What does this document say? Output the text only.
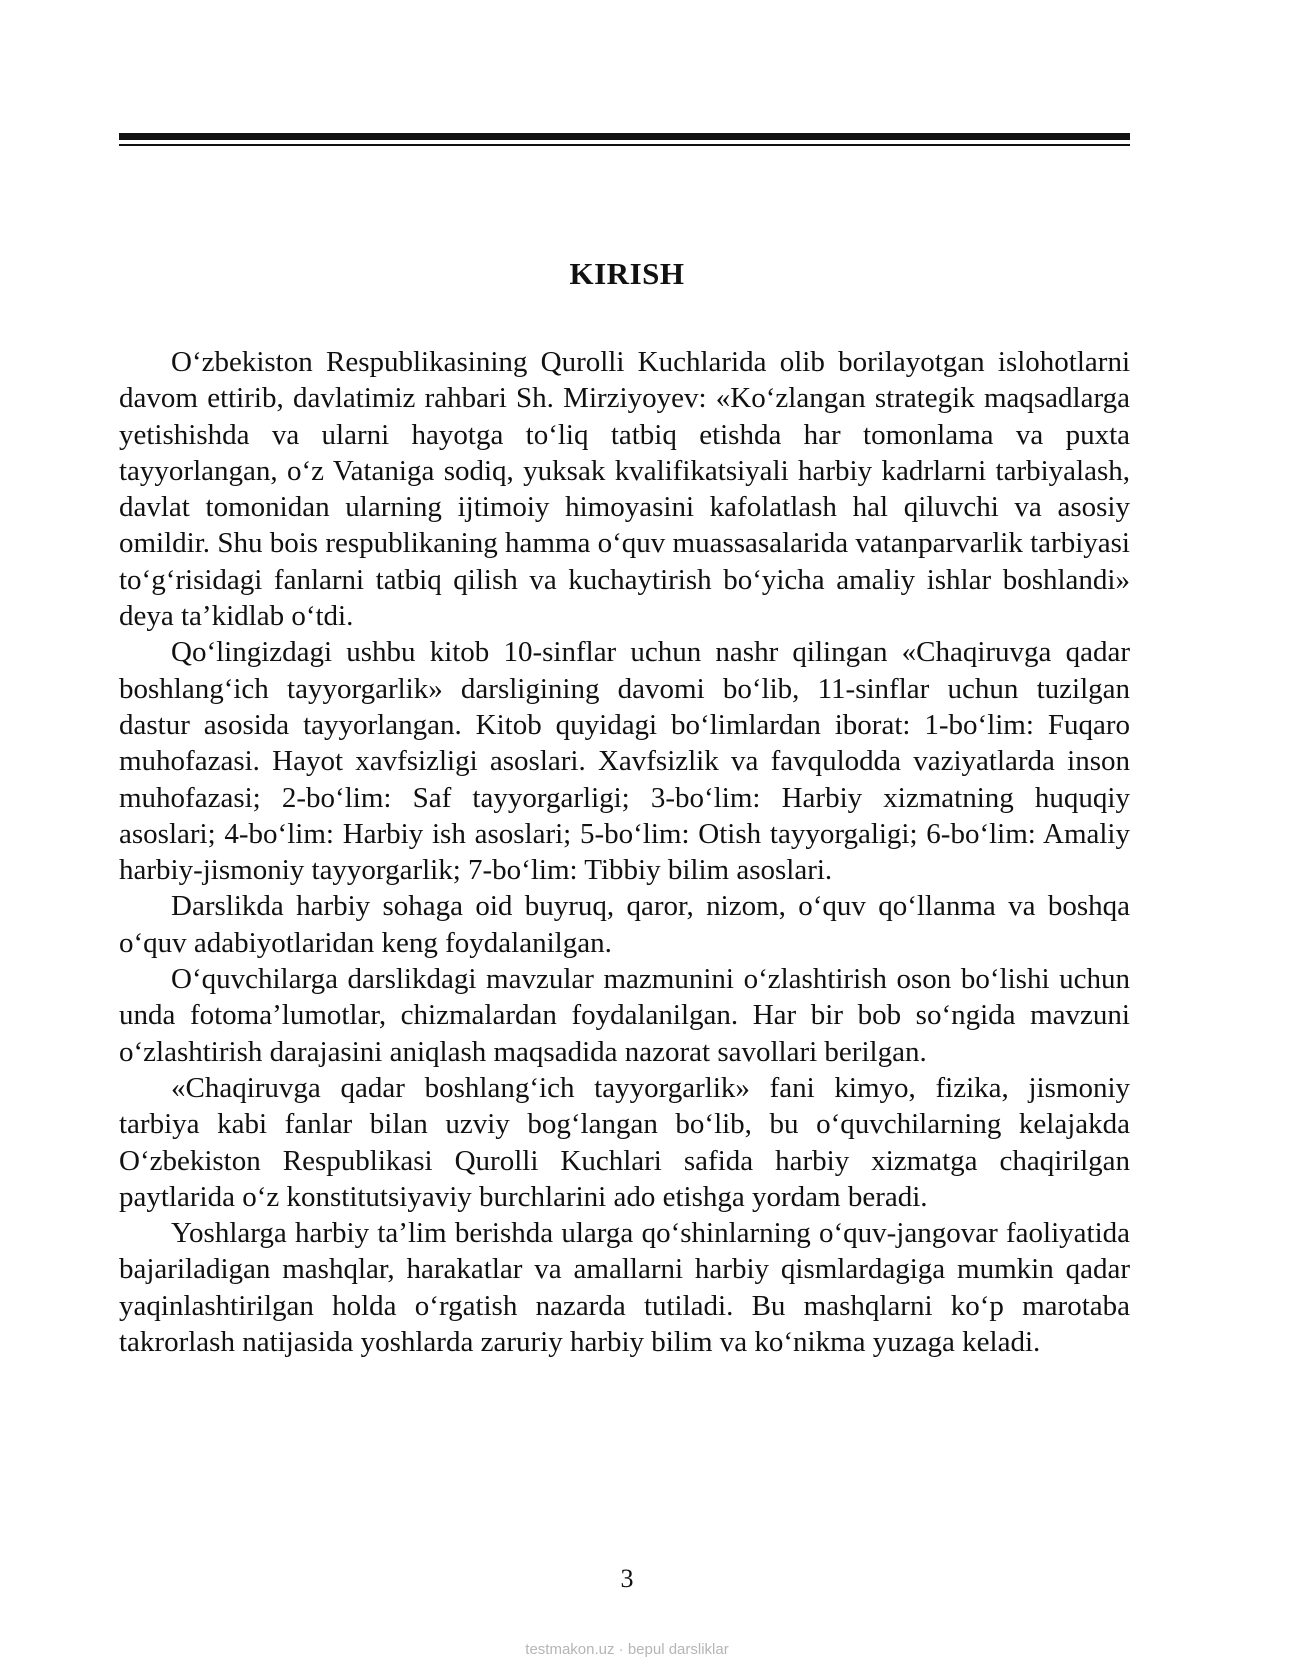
KIRISH

O‘zbekiston Respublikasining Qurolli Kuchlarida olib borilayotgan islohotlarni davom ettirib, davlatimiz rahbari Sh. Mirziyoyev: «Ko‘zlangan strategik maqsadlarga yetishishda va ularni hayotga to‘liq tatbiq etishda har tomonlama va puxta tayyorlangan, o‘z Vataniga sodiq, yuksak kvalifikatsiyali harbiy kadrlarni tarbiyalash, davlat tomonidan ularning ijtimoiy himoyasini kafolatlash hal qiluvchi va asosiy omildir. Shu bois respublikaning hamma o‘quv muassasalarida vatanparvarlik tarbiyasi to‘g‘risidagi fanlarni tatbiq qilish va kuchaytirish bo‘yicha amaliy ishlar boshlandi» deya ta’kidlab o‘tdi.

Qo‘lingizdagi ushbu kitob 10-sinflar uchun nashr qilingan «Chaqiruvga qadar boshlang‘ich tayyorgarlik» darsligining davomi bo‘lib, 11-sinflar uchun tuzilgan dastur asosida tayyorlangan. Kitob quyidagi bo‘limlardan iborat: 1-bo‘lim: Fuqaro muhofazasi. Hayot xavfsizligi asoslari. Xavfsizlik va favqulodda vaziyatlarda inson muhofazasi; 2-bo‘lim: Saf tayyorgarligi; 3-bo‘lim: Harbiy xizmatning huquqiy asoslari; 4-bo‘lim: Harbiy ish asoslari; 5-bo‘lim: Otish tayyorgaligi; 6-bo‘lim: Amaliy harbiy-jismoniy tayyorgarlik; 7-bo‘lim: Tibbiy bilim asoslari.

Darslikda harbiy sohaga oid buyruq, qaror, nizom, o‘quv qo‘llanma va boshqa o‘quv adabiyotlaridan keng foydalanilgan.

O‘quvchilarga darslikdagi mavzular mazmunini o‘zlashtirish oson bo‘lishi uchun unda fotoma’lumotlar, chizmalardan foydalanilgan. Har bir bob so‘ngida mavzuni o‘zlashtirish darajasini aniqlash maqsadida nazorat savollari berilgan.

«Chaqiruvga qadar boshlang‘ich tayyorgarlik» fani kimyo, fizika, jismoniy tarbiya kabi fanlar bilan uzviy bog‘langan bo‘lib, bu o‘quvchilarning kelajakda O‘zbekiston Respublikasi Qurolli Kuchlari safida harbiy xizmatga chaqirilgan paytlarida o‘z konstitutsiyaviy burchlarini ado etishga yordam beradi.

Yoshlarga harbiy ta’lim berishda ularga qo‘shinlarning o‘quv-jangovar faoliyatida bajariladigan mashqlar, harakatlar va amallarni harbiy qismlardagiga mumkin qadar yaqinlashtirilgan holda o‘rgatish nazarda tutiladi. Bu mashqlarni ko‘p marotaba takrorlash natijasida yoshlarda zaruriy harbiy bilim va ko‘nikma yuzaga keladi.

3
testmakon.uz · bepul darsliklar
